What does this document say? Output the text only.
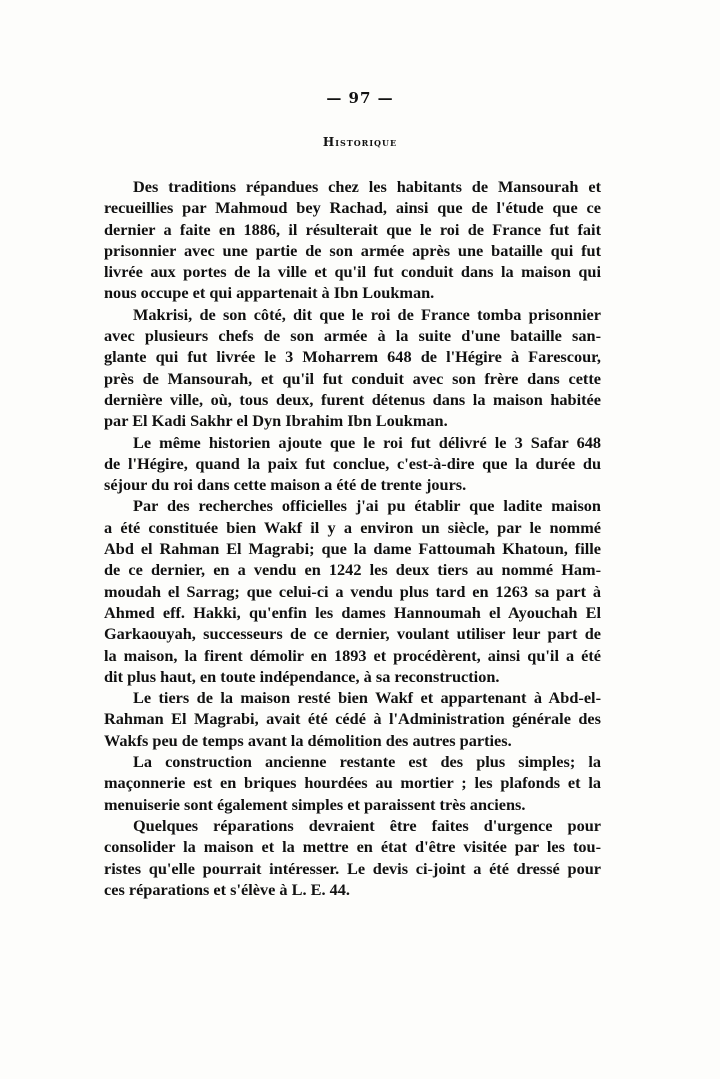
— 97 —
Historique
Des traditions répandues chez les habitants de Mansourah et
recueillies par Mahmoud bey Rachad, ainsi que de l'étude que ce
dernier a faite en 1886, il résulterait que le roi de France fut fait
prisonnier avec une partie de son armée après une bataille qui fut
livrée aux portes de la ville et qu'il fut conduit dans la maison qui
nous occupe et qui appartenait à Ibn Loukman.
Makrisi, de son côté, dit que le roi de France tomba prisonnier
avec plusieurs chefs de son armée à la suite d'une bataille san-
glante qui fut livrée le 3 Moharrem 648 de l'Hégire à Farescour,
près de Mansourah, et qu'il fut conduit avec son frère dans cette
dernière ville, où, tous deux, furent détenus dans la maison habitée
par El Kadi Sakhr el Dyn Ibrahim Ibn Loukman.
Le même historien ajoute que le roi fut délivré le 3 Safar 648
de l'Hégire, quand la paix fut conclue, c'est-à-dire que la durée du
séjour du roi dans cette maison a été de trente jours.
Par des recherches officielles j'ai pu établir que ladite maison
a été constituée bien Wakf il y a environ un siècle, par le nommé
Abd el Rahman El Magrabi; que la dame Fattoumah Khatoun, fille
de ce dernier, en a vendu en 1242 les deux tiers au nommé Ham-
moudah el Sarrag; que celui-ci a vendu plus tard en 1263 sa part à
Ahmed eff. Hakki, qu'enfin les dames Hannoumah el Ayouchah El
Garkaouyah, successeurs de ce dernier, voulant utiliser leur part de
la maison, la firent démolir en 1893 et procédèrent, ainsi qu'il a été
dit plus haut, en toute indépendance, à sa reconstruction.
Le tiers de la maison resté bien Wakf et appartenant à Abd-el-
Rahman El Magrabi, avait été cédé à l'Administration générale des
Wakfs peu de temps avant la démolition des autres parties.
La construction ancienne restante est des plus simples; la
maçonnerie est en briques hourdées au mortier ; les plafonds et la
menuiserie sont également simples et paraissent très anciens.
Quelques réparations devraient être faites d'urgence pour
consolider la maison et la mettre en état d'être visitée par les tou-
ristes qu'elle pourrait intéresser. Le devis ci-joint a été dressé pour
ces réparations et s'élève à L. E. 44.
